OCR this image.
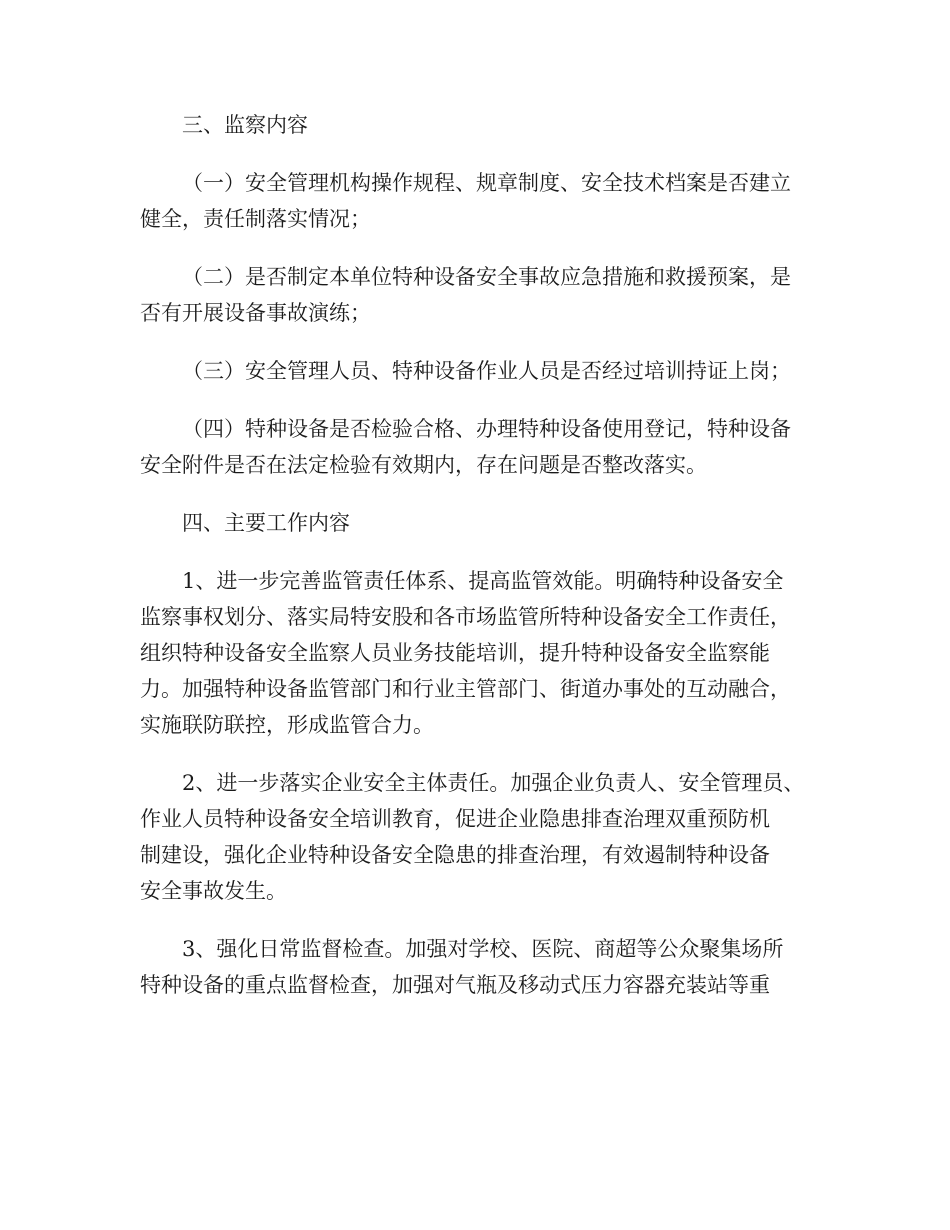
三、监察内容

（一）安全管理机构操作规程、规章制度、安全技术档案是否建立
健全，责任制落实情况；

（二）是否制定本单位特种设备安全事故应急措施和救援预案，是
否有开展设备事故演练；

（三）安全管理人员、特种设备作业人员是否经过培训持证上岗；

（四）特种设备是否检验合格、办理特种设备使用登记，特种设备
安全附件是否在法定检验有效期内，存在问题是否整改落实。

四、主要工作内容

1、进一步完善监管责任体系、提高监管效能。明确特种设备安全
监察事权划分、落实局特安股和各市场监管所特种设备安全工作责任，
组织特种设备安全监察人员业务技能培训，提升特种设备安全监察能
力。加强特种设备监管部门和行业主管部门、街道办事处的互动融合，
实施联防联控，形成监管合力。

2、进一步落实企业安全主体责任。加强企业负责人、安全管理员、
作业人员特种设备安全培训教育，促进企业隐患排查治理双重预防机
制建设，强化企业特种设备安全隐患的排查治理，有效遏制特种设备
安全事故发生。

3、强化日常监督检查。加强对学校、医院、商超等公众聚集场所
特种设备的重点监督检查，加强对气瓶及移动式压力容器充装站等重
